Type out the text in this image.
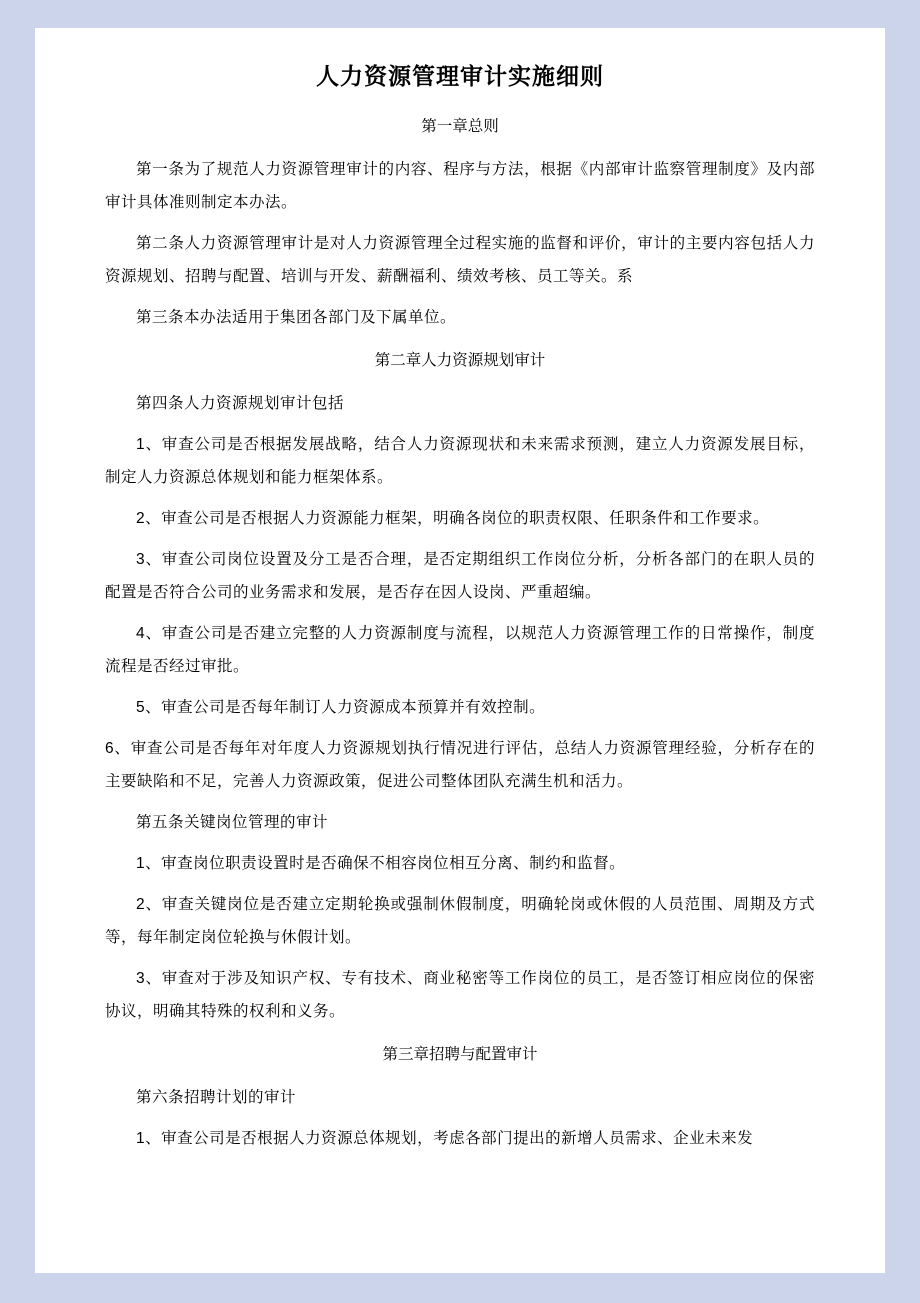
人力资源管理审计实施细则
第一章总则
第一条为了规范人力资源管理审计的内容、程序与方法，根据《内部审计监察管理制度》及内部审计具体准则制定本办法。
第二条人力资源管理审计是对人力资源管理全过程实施的监督和评价，审计的主要内容包括人力资源规划、招聘与配置、培训与开发、薪酬福利、绩效考核、员工等关。系
第三条本办法适用于集团各部门及下属单位。
第二章人力资源规划审计
第四条人力资源规划审计包括
1、审查公司是否根据发展战略，结合人力资源现状和未来需求预测，建立人力资源发展目标，制定人力资源总体规划和能力框架体系。
2、审查公司是否根据人力资源能力框架，明确各岗位的职责权限、任职条件和工作要求。
3、审查公司岗位设置及分工是否合理，是否定期组织工作岗位分析，分析各部门的在职人员的配置是否符合公司的业务需求和发展，是否存在因人设岗、严重超编。
4、审查公司是否建立完整的人力资源制度与流程，以规范人力资源管理工作的日常操作，制度流程是否经过审批。
5、审查公司是否每年制订人力资源成本预算并有效控制。
6、审查公司是否每年对年度人力资源规划执行情况进行评估，总结人力资源管理经验，分析存在的主要缺陷和不足，完善人力资源政策，促进公司整体团队充满生机和活力。
第五条关键岗位管理的审计
1、审查岗位职责设置时是否确保不相容岗位相互分离、制约和监督。
2、审查关键岗位是否建立定期轮换或强制休假制度，明确轮岗或休假的人员范围、周期及方式等，每年制定岗位轮换与休假计划。
3、审查对于涉及知识产权、专有技术、商业秘密等工作岗位的员工，是否签订相应岗位的保密协议，明确其特殊的权利和义务。
第三章招聘与配置审计
第六条招聘计划的审计
1、审查公司是否根据人力资源总体规划，考虑各部门提出的新增人员需求、企业未来发
